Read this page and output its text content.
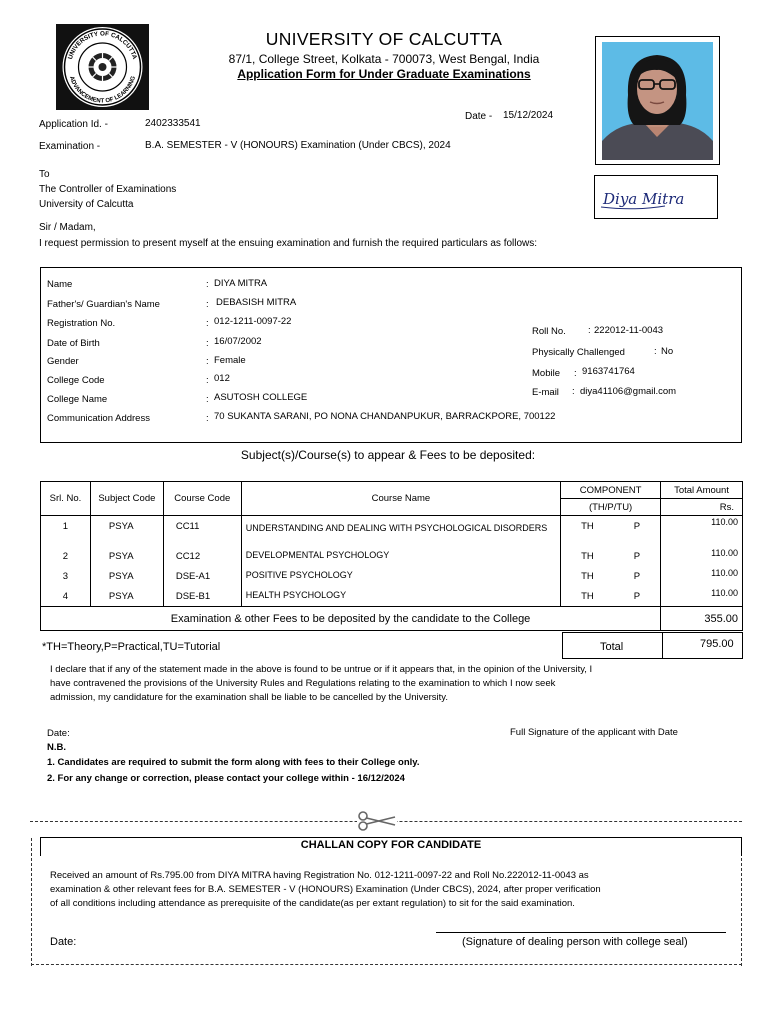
UNIVERSITY OF CALCUTTA
ADVANCEMENT OF LEARNING
UNIVERSITY OF CALCUTTA
87/1, College Street, Kolkata - 700073, West Bengal, India
Application Form for Under Graduate Examinations
Diya Mitra
Date - 15/12/2024
Application Id. -	2402333541
Examination -	B.A. SEMESTER - V (HONOURS) Examination (Under CBCS), 2024
To
The Controller of Examinations
University of Calcutta
Sir / Madam,
I request permission to present myself at the ensuing examination and furnish the required particulars as follows:
Name	: DIYA MITRA
Father's/ Guardian's Name	: DEBASISH MITRA
Registration No.	: 012-1211-0097-22
Date of Birth	: 16/07/2002
Gender	: Female
College Code	: 012
College Name	: ASUTOSH COLLEGE
Communication Address	: 70 SUKANTA SARANI, PO NONA CHANDANPUKUR, BARRACKPORE, 700122
Roll No. : 222012-11-0043
Physically Challenged	: No
Mobile : 9163741764
E-mail : diya41106@gmail.com
Subject(s)/Course(s) to appear & Fees to be deposited:
Srl. No.	Subject Code	Course Code	Course Name	COMPONENT	Total Amount
				(TH/P/TU)	Rs.
1	PSYA	CC11	UNDERSTANDING AND DEALING WITH PSYCHOLOGICAL DISORDERS	TH P	110.00
2	PSYA	CC12	DEVELOPMENTAL PSYCHOLOGY	TH P	110.00
3	PSYA	DSE-A1	POSITIVE PSYCHOLOGY	TH P	110.00
4	PSYA	DSE-B1	HEALTH PSYCHOLOGY	TH P	110.00
Examination & other Fees to be deposited by the candidate to the College					355.00
*TH=Theory,P=Practical,TU=Tutorial	Total	795.00
I declare that if any of the statement made in the above is found to be untrue or if it appears that, in the opinion of the University, I
have contravened the provisions of the University Rules and Regulations relating to the examination to which I now seek
admission, my candidature for the examination shall be liable to be cancelled by the University.
Date:	Full Signature of the applicant with Date
N.B.
1. Candidates are required to submit the form along with fees to their College only.
2. For any change or correction, please contact your college within - 16/12/2024
CHALLAN COPY FOR CANDIDATE
Received an amount of Rs.795.00 from DIYA MITRA having Registration No. 012-1211-0097-22 and Roll No.222012-11-0043 as
examination & other relevant fees for B.A. SEMESTER - V (HONOURS) Examination (Under CBCS), 2024, after proper verification
of all conditions including attendance as prerequisite of the candidate(as per extant regulation) to sit for the said examination.
Date:	(Signature of dealing person with college seal)
